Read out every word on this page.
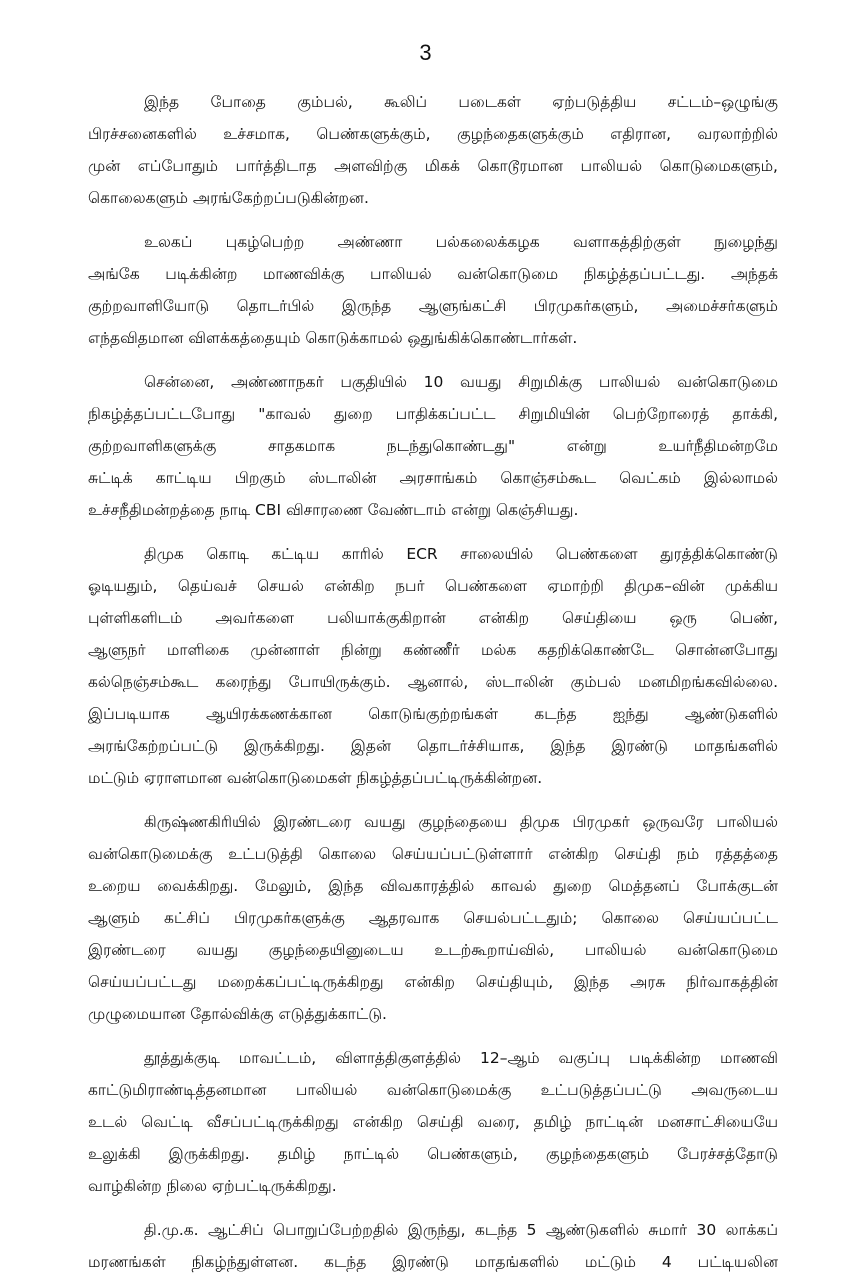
3
இந்த போதை கும்பல், கூலிப் படைகள் ஏற்படுத்திய சட்டம்–ஒழுங்கு
பிரச்சனைகளில் உச்சமாக, பெண்களுக்கும், குழந்தைகளுக்கும் எதிரான, வரலாற்றில்
முன் எப்போதும் பார்த்திடாத அளவிற்கு மிகக் கொடூரமான பாலியல் கொடுமைகளும்,
கொலைகளும் அரங்கேற்றப்படுகின்றன.
உலகப் புகழ்பெற்ற அண்ணா பல்கலைக்கழக வளாகத்திற்குள் நுழைந்து
அங்கே படிக்கின்ற மாணவிக்கு பாலியல் வன்கொடுமை நிகழ்த்தப்பட்டது. அந்தக்
குற்றவாளியோடு தொடர்பில் இருந்த ஆளுங்கட்சி பிரமுகர்களும், அமைச்சர்களும்
எந்தவிதமான விளக்கத்தையும் கொடுக்காமல் ஒதுங்கிக்கொண்டார்கள்.
சென்னை, அண்ணாநகர் பகுதியில் 10 வயது சிறுமிக்கு பாலியல் வன்கொடுமை
நிகழ்த்தப்பட்டபோது "காவல் துறை பாதிக்கப்பட்ட சிறுமியின் பெற்றோரைத் தாக்கி,
குற்றவாளிகளுக்கு சாதகமாக நடந்துகொண்டது" என்று உயர்நீதிமன்றமே
சுட்டிக் காட்டிய பிறகும் ஸ்டாலின் அரசாங்கம் கொஞ்சம்கூட வெட்கம் இல்லாமல்
உச்சநீதிமன்றத்தை நாடி CBI விசாரணை வேண்டாம் என்று கெஞ்சியது.
திமுக கொடி கட்டிய காரில் ECR சாலையில் பெண்களை துரத்திக்கொண்டு
ஓடியதும், தெய்வச் செயல் என்கிற நபர் பெண்களை ஏமாற்றி திமுக–வின் முக்கிய
புள்ளிகளிடம் அவர்களை பலியாக்குகிறான் என்கிற செய்தியை ஒரு பெண்,
ஆளுநர் மாளிகை முன்னாள் நின்று கண்ணீர் மல்க கதறிக்கொண்டே சொன்னபோது
கல்நெஞ்சம்கூட கரைந்து போயிருக்கும். ஆனால், ஸ்டாலின் கும்பல் மனமிறங்கவில்லை.
இப்படியாக ஆயிரக்கணக்கான கொடுங்குற்றங்கள் கடந்த ஐந்து ஆண்டுகளில்
அரங்கேற்றப்பட்டு இருக்கிறது. இதன் தொடர்ச்சியாக, இந்த இரண்டு மாதங்களில்
மட்டும் ஏராளமான வன்கொடுமைகள் நிகழ்த்தப்பட்டிருக்கின்றன.
கிருஷ்ணகிரியில் இரண்டரை வயது குழந்தையை திமுக பிரமுகர் ஒருவரே பாலியல்
வன்கொடுமைக்கு உட்படுத்தி கொலை செய்யப்பட்டுள்ளார் என்கிற செய்தி நம் ரத்தத்தை
உறைய வைக்கிறது. மேலும், இந்த விவகாரத்தில் காவல் துறை மெத்தனப் போக்குடன்
ஆளும் கட்சிப் பிரமுகர்களுக்கு ஆதரவாக செயல்பட்டதும்; கொலை செய்யப்பட்ட
இரண்டரை வயது குழந்தையினுடைய உடற்கூறாய்வில், பாலியல் வன்கொடுமை
செய்யப்பட்டது மறைக்கப்பட்டிருக்கிறது என்கிற செய்தியும், இந்த அரசு நிர்வாகத்தின்
முழுமையான தோல்விக்கு எடுத்துக்காட்டு.
தூத்துக்குடி மாவட்டம், விளாத்திகுளத்தில் 12–ஆம் வகுப்பு படிக்கின்ற மாணவி
காட்டுமிராண்டித்தனமான பாலியல் வன்கொடுமைக்கு உட்படுத்தப்பட்டு அவருடைய
உடல் வெட்டி வீசப்பட்டிருக்கிறது என்கிற செய்தி வரை, தமிழ் நாட்டின் மனசாட்சியையே
உலுக்கி இருக்கிறது. தமிழ் நாட்டில் பெண்களும், குழந்தைகளும் பேரச்சத்தோடு
வாழ்கின்ற நிலை ஏற்பட்டிருக்கிறது.
தி.மு.க. ஆட்சிப் பொறுப்பேற்றதில் இருந்து, கடந்த 5 ஆண்டுகளில் சுமார் 30 லாக்கப்
மரணங்கள் நிகழ்ந்துள்ளன. கடந்த இரண்டு மாதங்களில் மட்டும் 4 பட்டியலின
